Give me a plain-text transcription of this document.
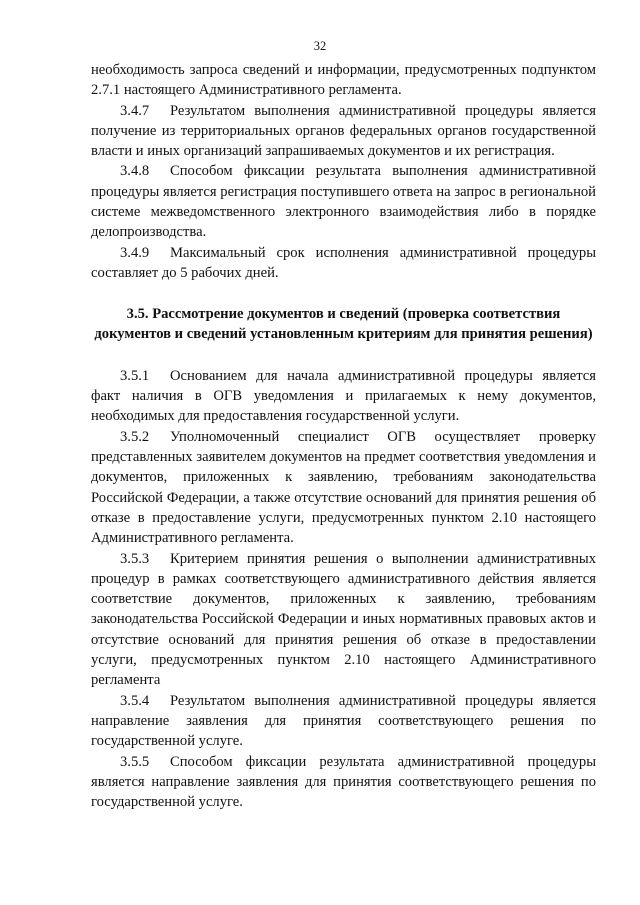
32

необходимость запроса сведений и информации, предусмотренных подпунктом 2.7.1 настоящего Административного регламента.

3.4.7 Результатом выполнения административной процедуры является получение из территориальных органов федеральных органов государственной власти и иных организаций запрашиваемых документов и их регистрация.

3.4.8 Способом фиксации результата выполнения административной процедуры является регистрация поступившего ответа на запрос в региональной системе межведомственного электронного взаимодействия либо в порядке делопроизводства.

3.4.9 Максимальный срок исполнения административной процедуры составляет до 5 рабочих дней.

3.5. Рассмотрение документов и сведений (проверка соответствия документов и сведений установленным критериям для принятия решения)

3.5.1 Основанием для начала административной процедуры является факт наличия в ОГВ уведомления и прилагаемых к нему документов, необходимых для предоставления государственной услуги.

3.5.2 Уполномоченный специалист ОГВ осуществляет проверку представленных заявителем документов на предмет соответствия уведомления и документов, приложенных к заявлению, требованиям законодательства Российской Федерации, а также отсутствие оснований для принятия решения об отказе в предоставление услуги, предусмотренных пунктом 2.10 настоящего Административного регламента.

3.5.3 Критерием принятия решения о выполнении административных процедур в рамках соответствующего административного действия является соответствие документов, приложенных к заявлению, требованиям законодательства Российской Федерации и иных нормативных правовых актов и отсутствие оснований для принятия решения об отказе в предоставлении услуги, предусмотренных пунктом 2.10 настоящего Административного регламента

3.5.4 Результатом выполнения административной процедуры является направление заявления для принятия соответствующего решения по государственной услуге.

3.5.5 Способом фиксации результата административной процедуры является направление заявления для принятия соответствующего решения по государственной услуге.
